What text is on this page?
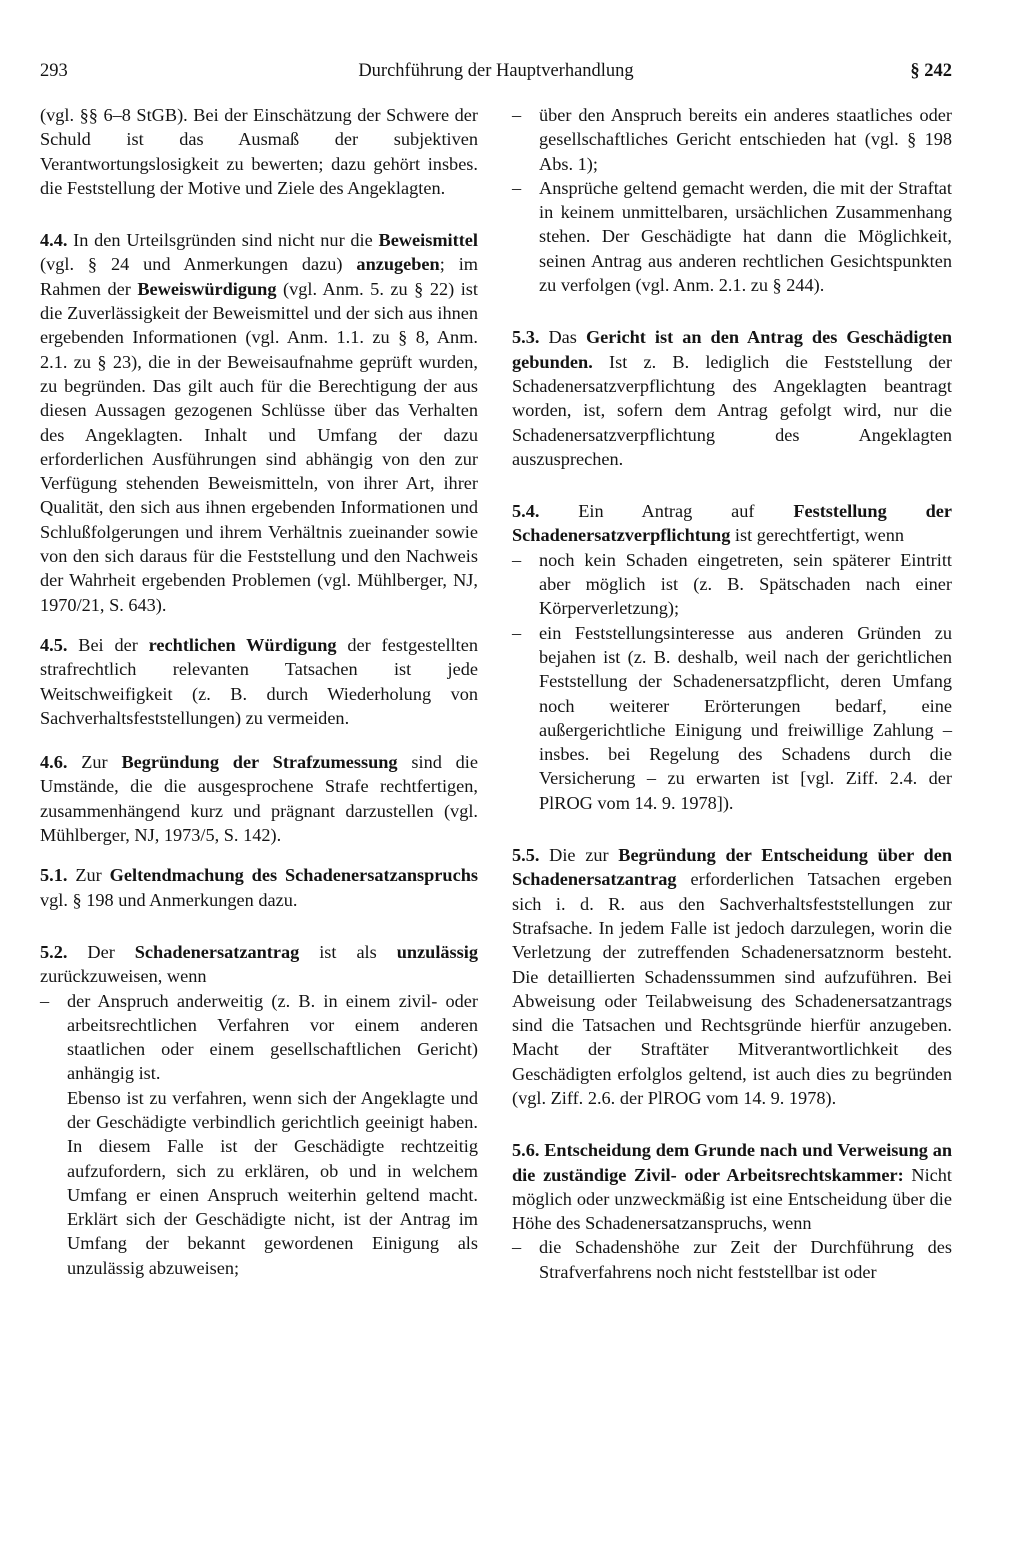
293	Durchführung der Hauptverhandlung	§ 242

(vgl. §§ 6–8 StGB). Bei der Einschätzung der Schwere der Schuld ist das Ausmaß der subjektiven Verantwortungslosigkeit zu bewerten; dazu gehört insbes. die Feststellung der Motive und Ziele des Angeklagten.

4.4. In den Urteilsgründen sind nicht nur die Beweismittel (vgl. § 24 und Anmerkungen dazu) anzugeben; im Rahmen der Beweiswürdigung (vgl. Anm. 5. zu § 22) ist die Zuverlässigkeit der Beweismittel und der sich aus ihnen ergebenden Informationen (vgl. Anm. 1.1. zu § 8, Anm. 2.1. zu § 23), die in der Beweisaufnahme geprüft wurden, zu begründen. Das gilt auch für die Berechtigung der aus diesen Aussagen gezogenen Schlüsse über das Verhalten des Angeklagten. Inhalt und Umfang der dazu erforderlichen Ausführungen sind abhängig von den zur Verfügung stehenden Beweismitteln, von ihrer Art, ihrer Qualität, den sich aus ihnen ergebenden Informationen und Schlußfolgerungen und ihrem Verhältnis zueinander sowie von den sich daraus für die Feststellung und den Nachweis der Wahrheit ergebenden Problemen (vgl. Mühlberger, NJ, 1970/21, S. 643).

4.5. Bei der rechtlichen Würdigung der festgestellten strafrechtlich relevanten Tatsachen ist jede Weitschweifigkeit (z. B. durch Wiederholung von Sachverhaltsfeststellungen) zu vermeiden.

4.6. Zur Begründung der Strafzumessung sind die Umstände, die die ausgesprochene Strafe rechtfertigen, zusammenhängend kurz und prägnant darzustellen (vgl. Mühlberger, NJ, 1973/5, S. 142).

5.1. Zur Geltendmachung des Schadenersatzanspruchs vgl. § 198 und Anmerkungen dazu.

5.2. Der Schadenersatzantrag ist als unzulässig zurückzuweisen, wenn

– der Anspruch anderweitig (z. B. in einem zivil- oder arbeitsrechtlichen Verfahren vor einem anderen staatlichen oder einem gesellschaftlichen Gericht) anhängig ist.

Ebenso ist zu verfahren, wenn sich der Angeklagte und der Geschädigte verbindlich gerichtlich geeinigt haben. In diesem Falle ist der Geschädigte rechtzeitig aufzufordern, sich zu erklären, ob und in welchem Umfang er einen Anspruch weiterhin geltend macht. Erklärt sich der Geschädigte nicht, ist der Antrag im Umfang der bekannt gewordenen Einigung als unzulässig abzuweisen;

– über den Anspruch bereits ein anderes staatliches oder gesellschaftliches Gericht entschieden hat (vgl. § 198 Abs. 1);

– Ansprüche geltend gemacht werden, die mit der Straftat in keinem unmittelbaren, ursächlichen Zusammenhang stehen. Der Geschädigte hat dann die Möglichkeit, seinen Antrag aus anderen rechtlichen Gesichtspunkten zu verfolgen (vgl. Anm. 2.1. zu § 244).

5.3. Das Gericht ist an den Antrag des Geschädigten gebunden. Ist z. B. lediglich die Feststellung der Schadenersatzverpflichtung des Angeklagten beantragt worden, ist, sofern dem Antrag gefolgt wird, nur die Schadenersatzverpflichtung des Angeklagten auszusprechen.

5.4. Ein Antrag auf Feststellung der Schadenersatzverpflichtung ist gerechtfertigt, wenn

– noch kein Schaden eingetreten, sein späterer Eintritt aber möglich ist (z. B. Spätschaden nach einer Körperverletzung);

– ein Feststellungsinteresse aus anderen Gründen zu bejahen ist (z. B. deshalb, weil nach der gerichtlichen Feststellung der Schadenersatzpflicht, deren Umfang noch weiterer Erörterungen bedarf, eine außergerichtliche Einigung und freiwillige Zahlung – insbes. bei Regelung des Schadens durch die Versicherung – zu erwarten ist [vgl. Ziff. 2.4. der PlROG vom 14. 9. 1978]).

5.5. Die zur Begründung der Entscheidung über den Schadenersatzantrag erforderlichen Tatsachen ergeben sich i. d. R. aus den Sachverhaltsfeststellungen zur Strafsache. In jedem Falle ist jedoch darzulegen, worin die Verletzung der zutreffenden Schadenersatznorm besteht. Die detaillierten Schadenssummen sind aufzuführen. Bei Abweisung oder Teilabweisung des Schadenersatzantrags sind die Tatsachen und Rechtsgründe hierfür anzugeben. Macht der Straftäter Mitverantwortlichkeit des Geschädigten erfolglos geltend, ist auch dies zu begründen (vgl. Ziff. 2.6. der PlROG vom 14. 9. 1978).

5.6. Entscheidung dem Grunde nach und Verweisung an die zuständige Zivil- oder Arbeitsrechtskammer: Nicht möglich oder unzweckmäßig ist eine Entscheidung über die Höhe des Schadenersatzanspruchs, wenn

– die Schadenshöhe zur Zeit der Durchführung des Strafverfahrens noch nicht feststellbar ist oder
